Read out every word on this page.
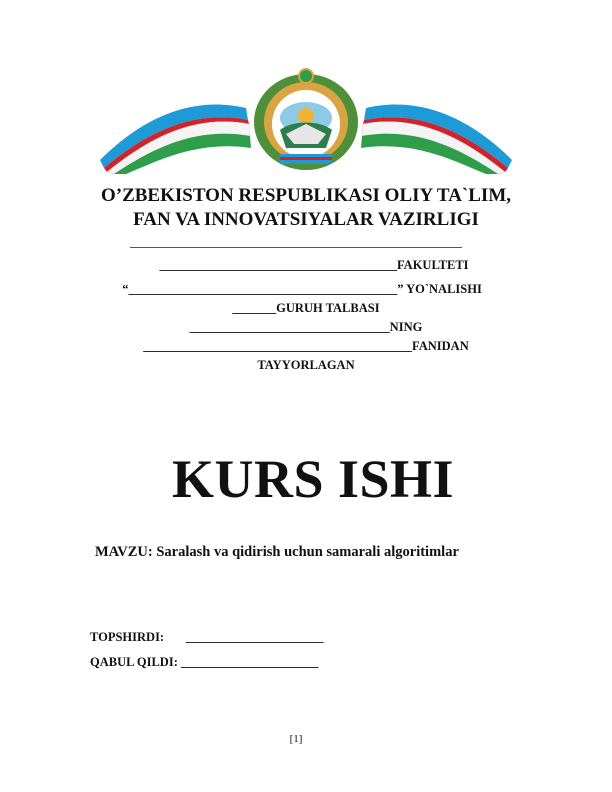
O’ZBEKISTON RESPUBLIKASI OLIY TA`LIM,
FAN VA INNOVATSIYALAR VAZIRLIGI
______________________________________FAKULTETI
“___________________________________________” YO`NALISHI
_______GURUH TALBASI
________________________________NING
___________________________________________FANIDAN
TAYYORLAGAN
KURS ISHI
MAVZU: Saralash va qidirish uchun samarali algoritimlar
TOPSHIRDI:       ______________________
QABUL QILDI: ______________________
[1]
